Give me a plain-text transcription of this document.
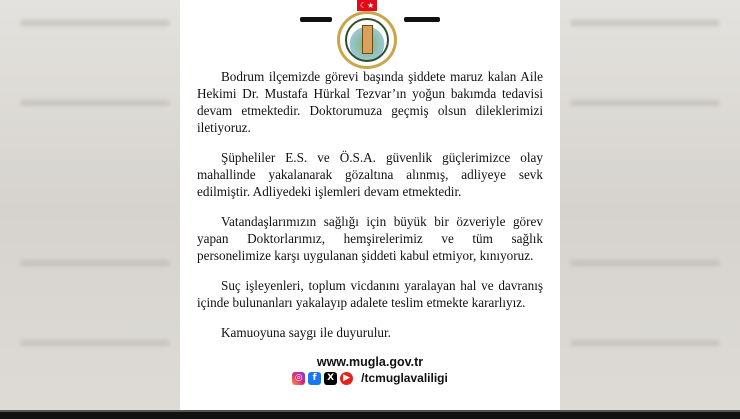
Bodrum ilçemizde görevi başında şiddete maruz kalan Aile Hekimi Dr. Mustafa Hürkal Tezvar’ın yoğun bakımda tedavisi devam etmektedir. Doktorumuza geçmiş olsun dileklerimizi iletiyoruz.

Şüpheliler E.S. ve Ö.S.A. güvenlik güçlerimizce olay mahallinde yakalanarak gözaltına alınmış, adliyeye sevk edilmiştir. Adliyedeki işlemleri devam etmektedir.

Vatandaşlarımızın sağlığı için büyük bir özveriyle görev yapan Doktorlarımız, hemşirelerimiz ve tüm sağlık personelimize karşı uygulanan şiddeti kabul etmiyor, kınıyoruz.

Suç işleyenleri, toplum vicdanını yaralayan hal ve davranış içinde bulunanları yakalayıp adalete teslim etmekte kararlıyız.

Kamuoyuna saygı ile duyurulur.

www.mugla.gov.tr
◎	f	X	▶ /tcmuglavaliligi
☾★
